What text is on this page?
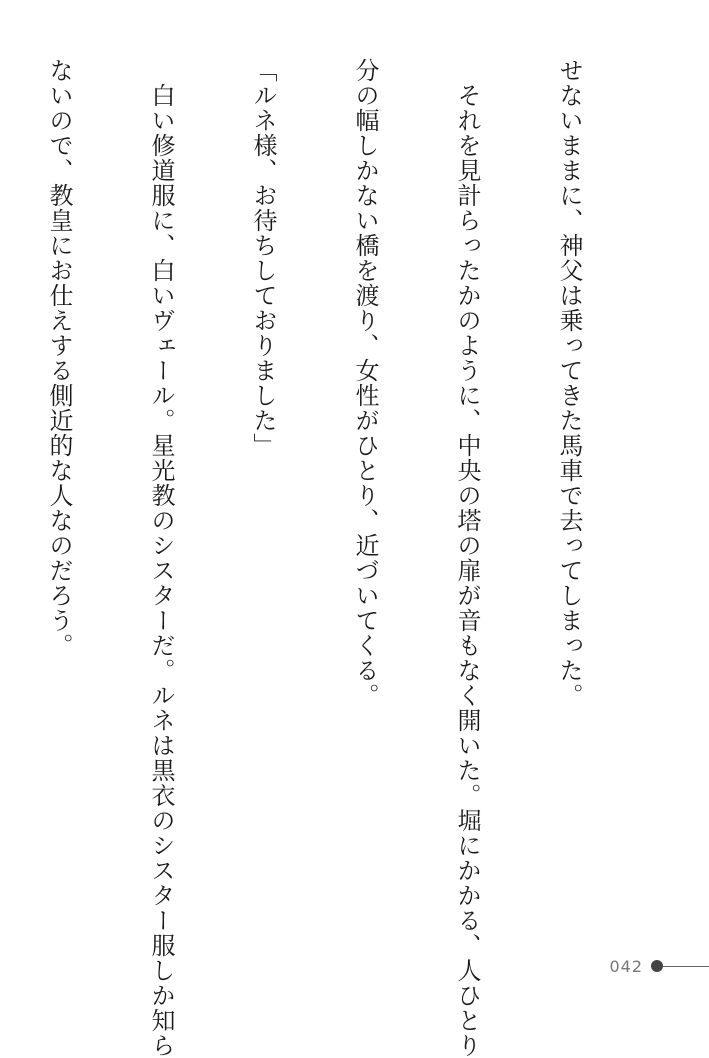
せないままに、神父は乗ってきた馬車で去ってしまった。

　それを見計らったかのように、中央の塔の扉が音もなく開いた。堀にかかる、人ひとり

分の幅しかない橋を渡り、女性がひとり、近づいてくる。

「ルネ様、お待ちしておりました」

　白い修道服に、白いヴェール。星光教のシスターだ。ルネは黒衣のシスター服しか知ら

ないので、教皇にお仕えする側近的な人なのだろう。

042
